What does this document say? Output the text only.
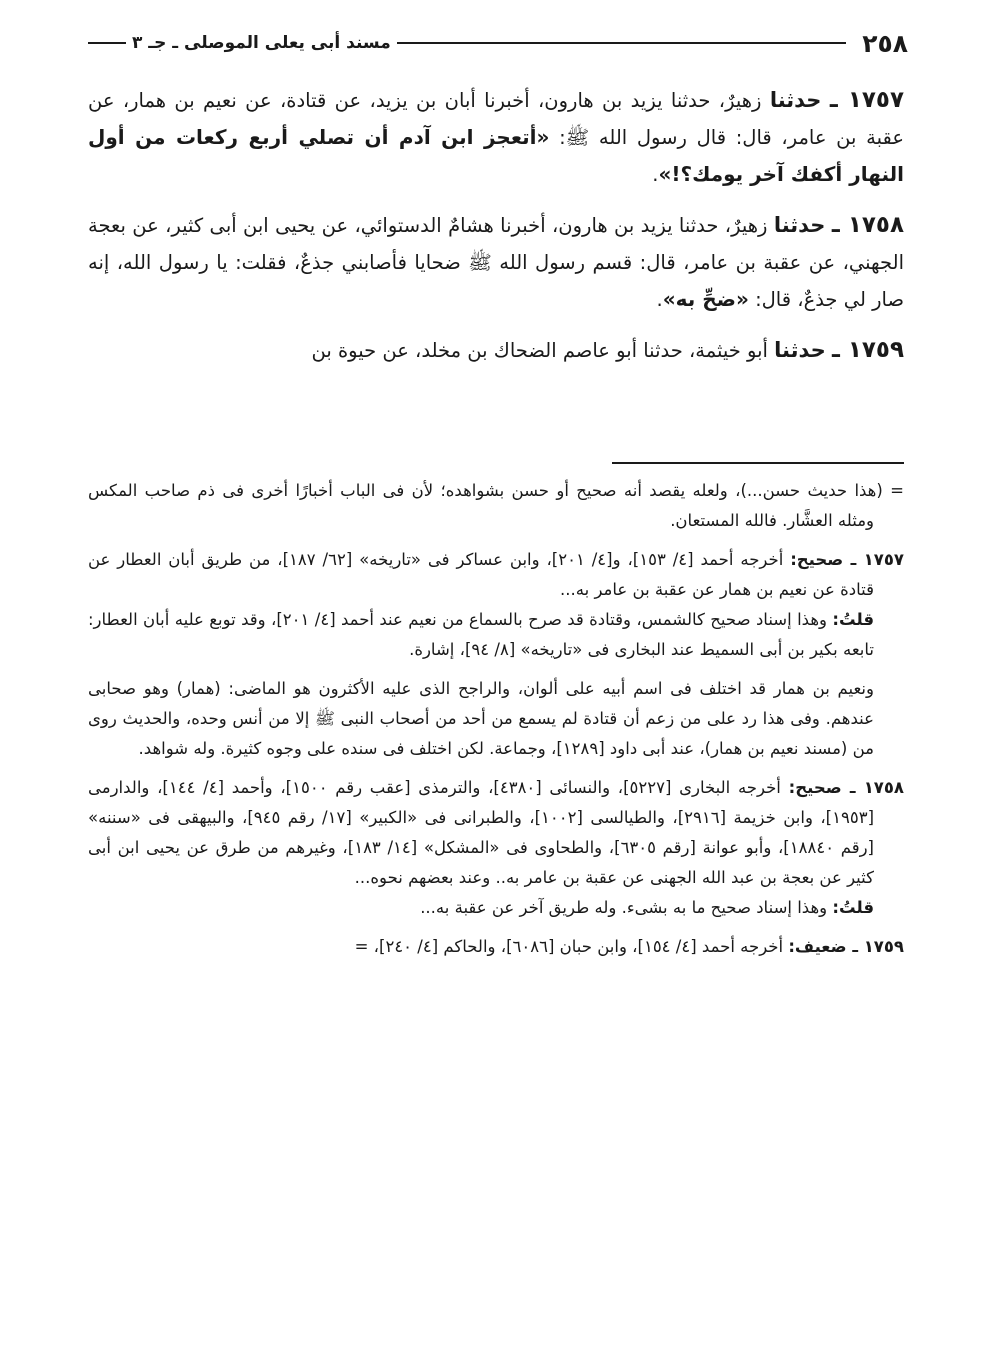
٢٥٨
مسند أبى يعلى الموصلى ـ جـ ٣

١٧٥٧ ـ حدثنا زهيرٌ، حدثنا يزيد بن هارون، أخبرنا أبان بن يزيد، عن قتادة، عن نعيم بن همار، عن عقبة بن عامر، قال: قال رسول الله ﷺ: «أتعجز ابن آدم أن تصلي أربع ركعات من أول النهار أكفك آخر يومك؟!».

١٧٥٨ ـ حدثنا زهيرٌ، حدثنا يزيد بن هارون، أخبرنا هشامٌ الدستوائي، عن يحيى ابن أبى كثير، عن بعجة الجهني، عن عقبة بن عامر، قال: قسم رسول الله ﷺ ضحايا فأصابني جذعٌ، فقلت: يا رسول الله، إنه صار لي جذعٌ، قال: «ضحِّ به».

١٧٥٩ ـ حدثنا أبو خيثمة، حدثنا أبو عاصم الضحاك بن مخلد، عن حيوة بن

= (هذا حديث حسن...)، ولعله يقصد أنه صحيح أو حسن بشواهده؛ لأن فى الباب أخبارًا أخرى فى ذم صاحب المكس ومثله العشَّار. فالله المستعان.

١٧٥٧ ـ صحيح: أخرجه أحمد [٤/ ١٥٣]، و[٤/ ٢٠١]، وابن عساكر فى «تاريخه» [٦٢/ ١٨٧]، من طريق أبان العطار عن قتادة عن نعيم بن همار عن عقبة بن عامر به...

قلتُ: وهذا إسناد صحيح كالشمس، وقتادة قد صرح بالسماع من نعيم عند أحمد [٤/ ٢٠١]، وقد توبع عليه أبان العطار: تابعه بكير بن أبى السميط عند البخارى فى «تاريخه» [٨/ ٩٤]، إشارة.

ونعيم بن همار قد اختلف فى اسم أبيه على ألوان، والراجح الذى عليه الأكثرون هو الماضى: (همار) وهو صحابى عندهم. وفى هذا رد على من زعم أن قتادة لم يسمع من أحد من أصحاب النبى ﷺ إلا من أنس وحده، والحديث روى من (مسند نعيم بن همار)، عند أبى داود [١٢٨٩]، وجماعة. لكن اختلف فى سنده على وجوه كثيرة. وله شواهد.

١٧٥٨ ـ صحيح: أخرجه البخارى [٥٢٢٧]، والنسائى [٤٣٨٠]، والترمذى [عقب رقم ١٥٠٠]، وأحمد [٤/ ١٤٤]، والدارمى [١٩٥٣]، وابن خزيمة [٢٩١٦]، والطيالسى [١٠٠٢]، والطبرانى فى «الكبير» [١٧/ رقم ٩٤٥]، والبيهقى فى «سننه» [رقم ١٨٨٤٠]، وأبو عوانة [رقم ٦٣٠٥]، والطحاوى فى «المشكل» [١٤/ ١٨٣]، وغيرهم من طرق عن يحيى ابن أبى كثير عن بعجة بن عبد الله الجهنى عن عقبة بن عامر به.. وعند بعضهم نحوه...

قلتُ: وهذا إسناد صحيح ما به بشىء. وله طريق آخر عن عقبة به...

١٧٥٩ ـ ضعيف: أخرجه أحمد [٤/ ١٥٤]، وابن حبان [٦٠٨٦]، والحاكم [٤/ ٢٤٠]، =
